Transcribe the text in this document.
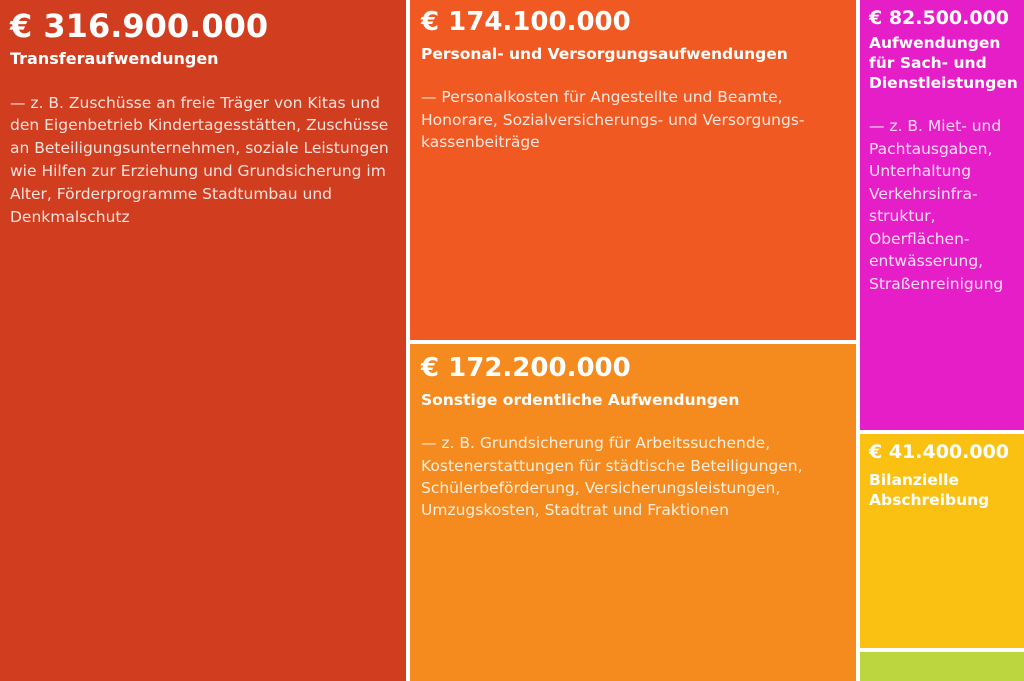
€ 316.900.000
Transferaufwendungen
— z. B. Zuschüsse an freie Träger von Kitas und den Eigenbetrieb Kindertagesstätten, Zuschüsse an Beteiligungsunternehmen, soziale Leistungen wie Hilfen zur Erziehung und Grundsicherung im Alter, Förderprogramme Stadtumbau und Denkmalschutz
€ 174.100.000
Personal- und Versorgungsaufwendungen
— Personalkosten für Angestellte und Beamte, Honorare, Sozialversicherungs- und Versorgungs-kassenbeiträge
€ 172.200.000
Sonstige ordentliche Aufwendungen
— z. B. Grundsicherung für Arbeitssuchende, Kostenerstattungen für städtische Beteiligungen, Schülerbeförderung, Versicherungsleistungen, Umzugskosten, Stadtrat und Fraktionen
€ 82.500.000
Aufwendungen für Sach- und Dienstleistungen
— z. B. Miet- und Pachtausgaben, Unterhaltung Verkehrsinfra-struktur, Oberflächen-entwässerung, Straßenreinigung
€ 41.400.000
Bilanzielle Abschreibung
